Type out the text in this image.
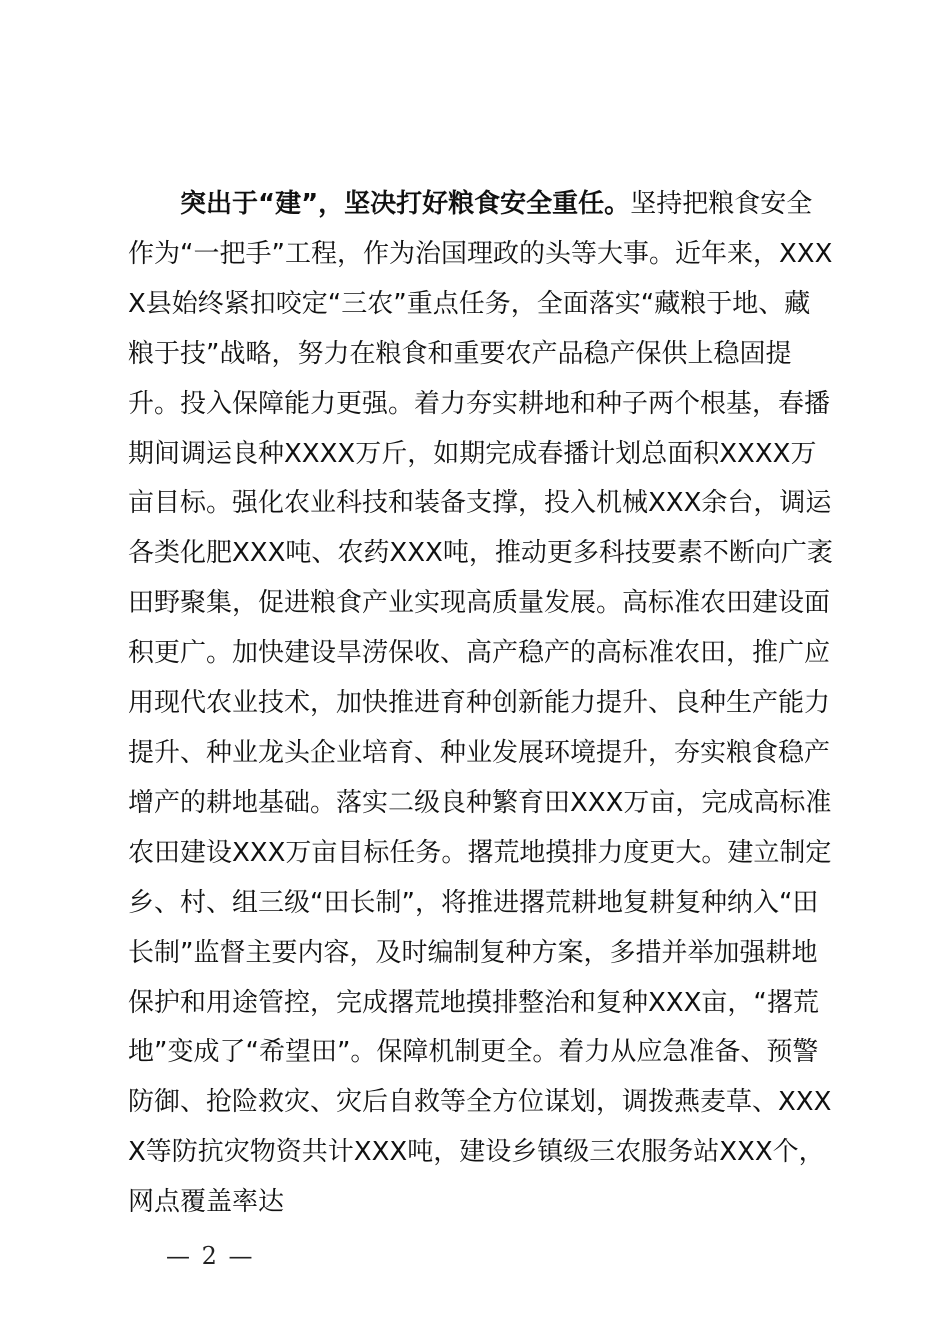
突出于“建”，坚决打好粮食安全重任。坚持把粮食安全作为“一把手”工程，作为治国理政的头等大事。近年来，XXXX县始终紧扣咬定“三农”重点任务，全面落实“藏粮于地、藏粮于技”战略，努力在粮食和重要农产品稳产保供上稳固提升。投入保障能力更强。着力夯实耕地和种子两个根基，春播期间调运良种XXXX万斤，如期完成春播计划总面积XXXX万亩目标。强化农业科技和装备支撑，投入机械XXX余台，调运各类化肥XXX吨、农药XXX吨，推动更多科技要素不断向广袤田野聚集，促进粮食产业实现高质量发展。高标准农田建设面积更广。加快建设旱涝保收、高产稳产的高标准农田，推广应用现代农业技术，加快推进育种创新能力提升、良种生产能力提升、种业龙头企业培育、种业发展环境提升，夯实粮食稳产增产的耕地基础。落实二级良种繁育田XXX万亩，完成高标准农田建设XXX万亩目标任务。撂荒地摸排力度更大。建立制定乡、村、组三级“田长制”，将推进撂荒耕地复耕复种纳入“田长制”监督主要内容，及时编制复种方案，多措并举加强耕地保护和用途管控，完成撂荒地摸排整治和复种XXX亩，“撂荒地”变成了“希望田”。保障机制更全。着力从应急准备、预警防御、抢险救灾、灾后自救等全方位谋划，调拨燕麦草、XXXX等防抗灾物资共计XXX吨，建设乡镇级三农服务站XXX个，网点覆盖率达

— 2 —
